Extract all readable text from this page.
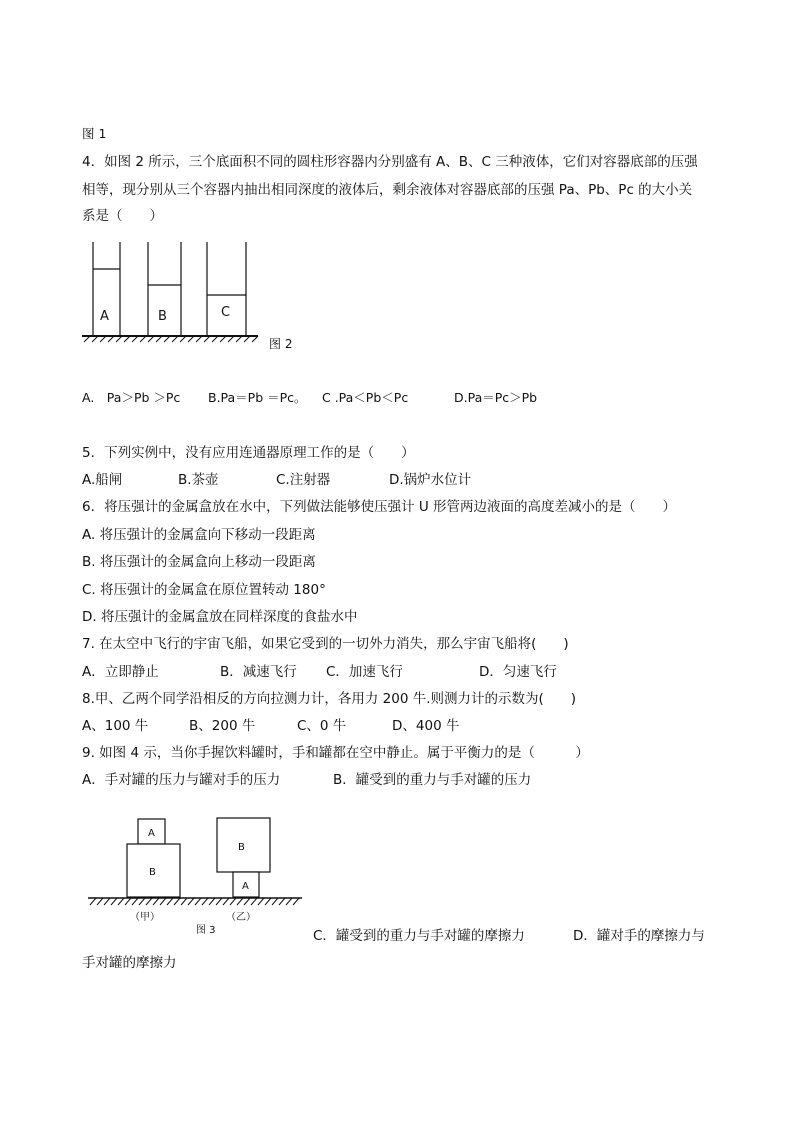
图 1
4．如图 2 所示，三个底面积不同的圆柱形容器内分别盛有 A、B、C 三种液体，它们对容器底部的压强
相等，现分别从三个容器内抽出相同深度的液体后，剩余液体对容器底部的压强 Pa、Pb、Pc 的大小关
系是（　　）
A	B	C
图 2
A.　Pa＞Pb ＞Pc B.Pa＝Pb ＝Pc。 C .Pa＜Pb＜Pc	D.Pa＝Pc＞Pb
5．下列实例中，没有应用连通器原理工作的是（　　）
A.船闸	B.茶壶	C.注射器	D.锅炉水位计
6．将压强计的金属盒放在水中，下列做法能够使压强计 U 形管两边液面的高度差减小的是（　　）
A. 将压强计的金属盒向下移动一段距离
B. 将压强计的金属盒向上移动一段距离
C. 将压强计的金属盒在原位置转动 180°
D. 将压强计的金属盒放在同样深度的食盐水中
7. 在太空中飞行的宇宙飞船，如果它受到的一切外力消失，那么宇宙飞船将(　　)
A．立即静止	B．减速飞行 C．加速飞行	D．匀速飞行
8.甲、乙两个同学沿相反的方向拉测力计，各用力 200 牛.则测力计的示数为(　　)
A、100 牛	B、200 牛	C、0 牛	D、400 牛
9. 如图 4 示，当你手握饮料罐时，手和罐都在空中静止。属于平衡力的是（　　　）
A．手对罐的压力与罐对手的压力	B．罐受到的重力与手对罐的压力
A
B
B
A
（甲）	（乙）
图 3	C．罐受到的重力与手对罐的摩擦力	D．罐对手的摩擦力与
手对罐的摩擦力
